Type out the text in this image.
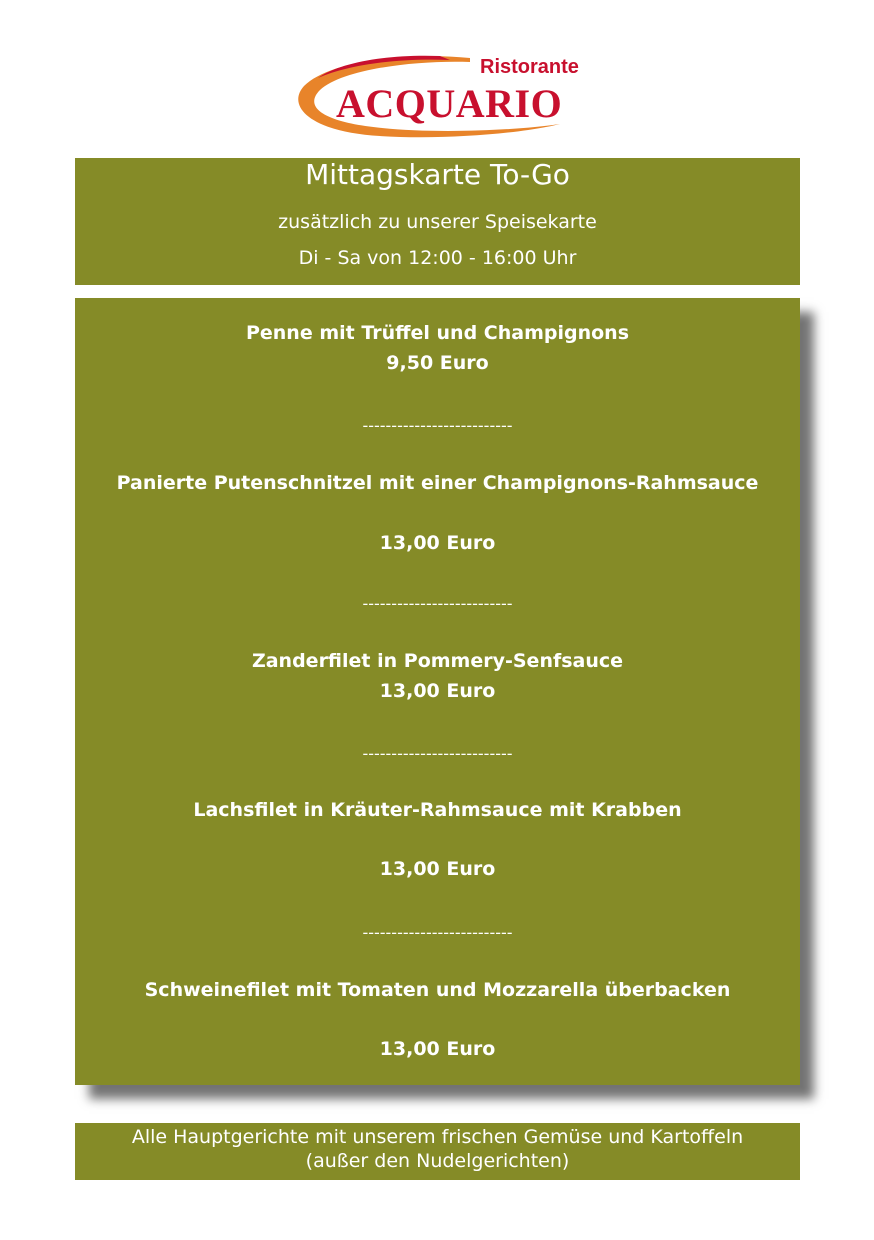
Ristorante
ACQUARIO
Mittagskarte To-Go
zusätzlich zu unserer Speisekarte
Di - Sa von 12:00 - 16:00 Uhr
Penne mit Trüffel und Champignons
9,50 Euro
--------------------------
Panierte Putenschnitzel mit einer Champignons-Rahmsauce
13,00 Euro
--------------------------
Zanderfilet in Pommery-Senfsauce
13,00 Euro
--------------------------
Lachsfilet in Kräuter-Rahmsauce mit Krabben
13,00 Euro
--------------------------
Schweinefilet mit Tomaten und Mozzarella überbacken
13,00 Euro
Alle Hauptgerichte mit unserem frischen Gemüse und Kartoffeln
(außer den Nudelgerichten)
